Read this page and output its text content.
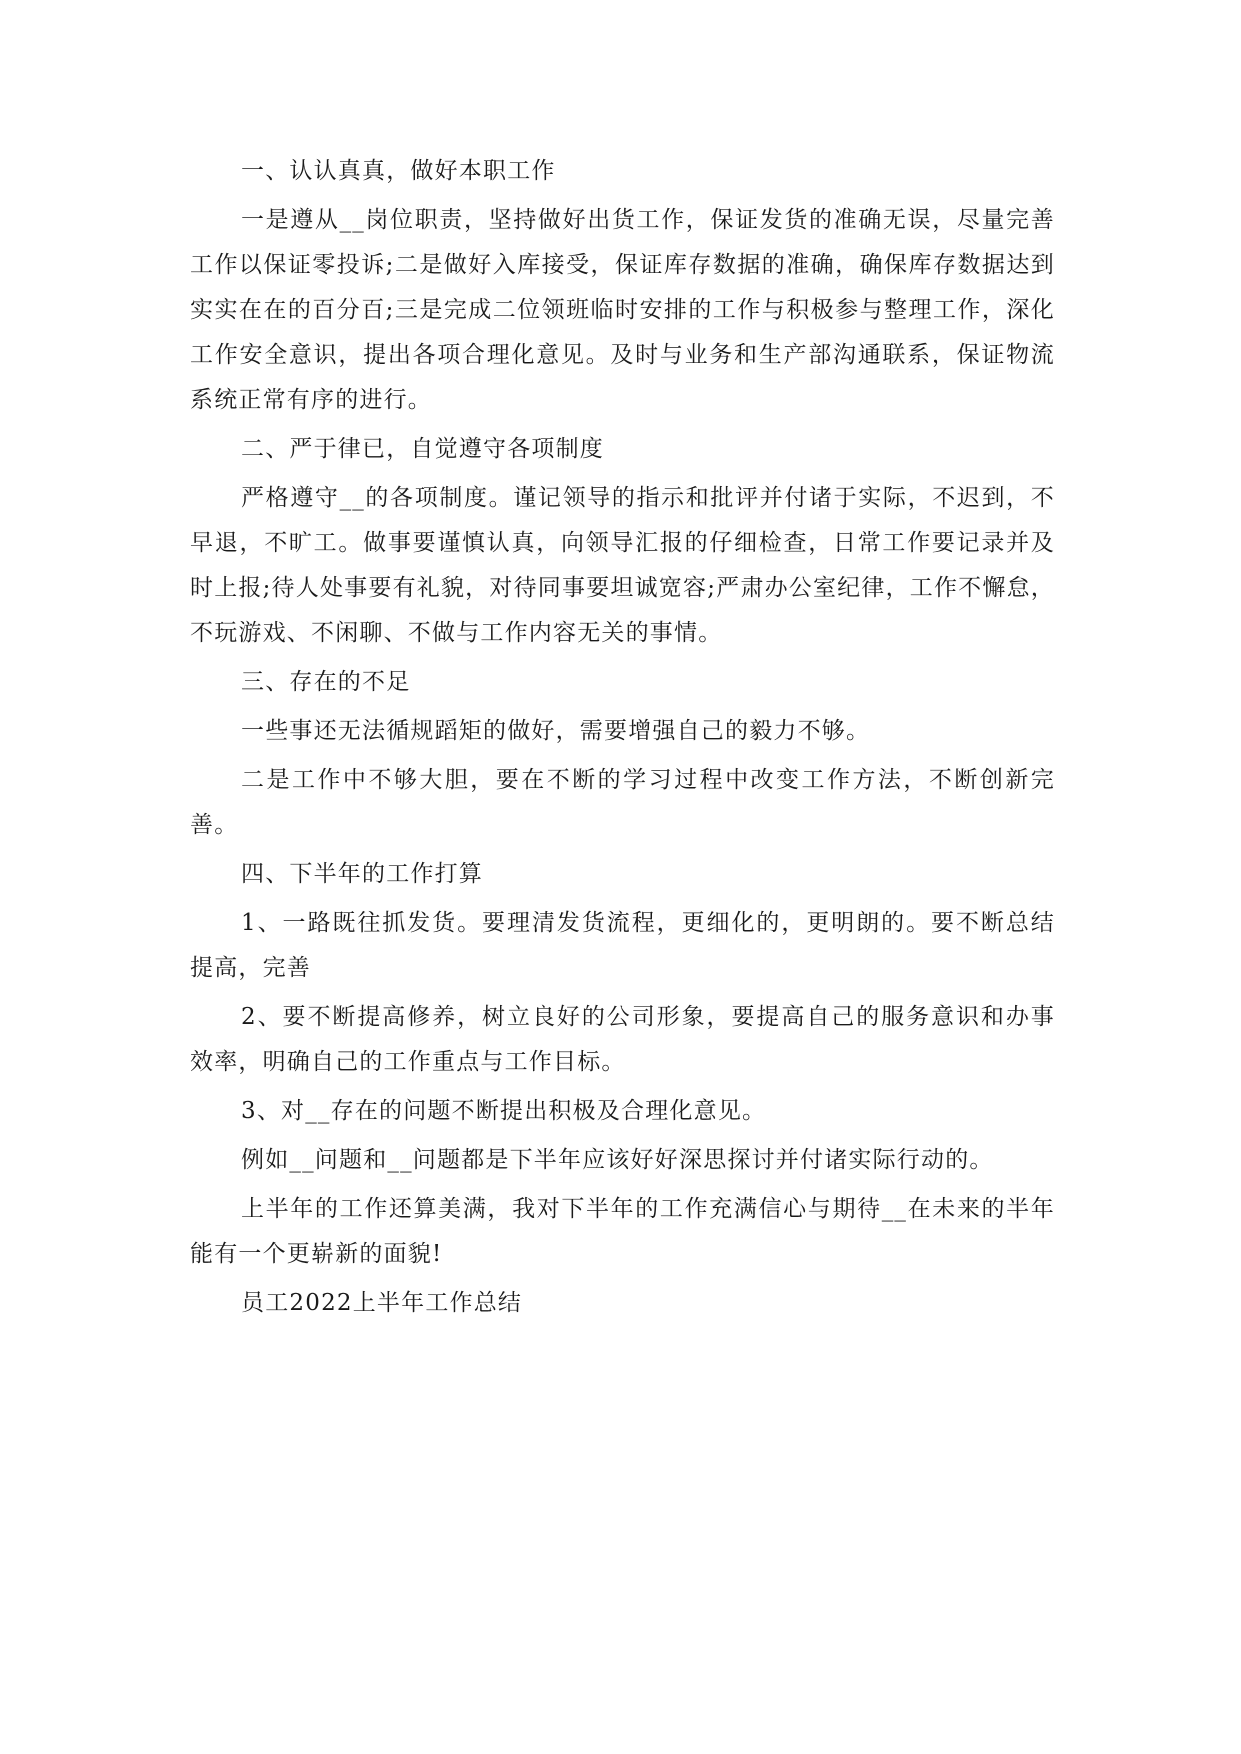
一、认认真真，做好本职工作

一是遵从__岗位职责，坚持做好出货工作，保证发货的准确无误，尽量完善工作以保证零投诉;二是做好入库接受，保证库存数据的准确，确保库存数据达到实实在在的百分百;三是完成二位领班临时安排的工作与积极参与整理工作，深化工作安全意识，提出各项合理化意见。及时与业务和生产部沟通联系，保证物流系统正常有序的进行。

二、严于律已，自觉遵守各项制度

严格遵守__的各项制度。谨记领导的指示和批评并付诸于实际，不迟到，不早退，不旷工。做事要谨慎认真，向领导汇报的仔细检查，日常工作要记录并及时上报;待人处事要有礼貌，对待同事要坦诚宽容;严肃办公室纪律，工作不懈怠，不玩游戏、不闲聊、不做与工作内容无关的事情。

三、存在的不足

一些事还无法循规蹈矩的做好，需要增强自己的毅力不够。

二是工作中不够大胆，要在不断的学习过程中改变工作方法，不断创新完善。

四、下半年的工作打算

1、一路既往抓发货。要理清发货流程，更细化的，更明朗的。要不断总结提高，完善

2、要不断提高修养，树立良好的公司形象，要提高自己的服务意识和办事效率，明确自己的工作重点与工作目标。

3、对__存在的问题不断提出积极及合理化意见。

例如__问题和__问题都是下半年应该好好深思探讨并付诸实际行动的。

上半年的工作还算美满，我对下半年的工作充满信心与期待__在未来的半年能有一个更崭新的面貌!

员工2022上半年工作总结
